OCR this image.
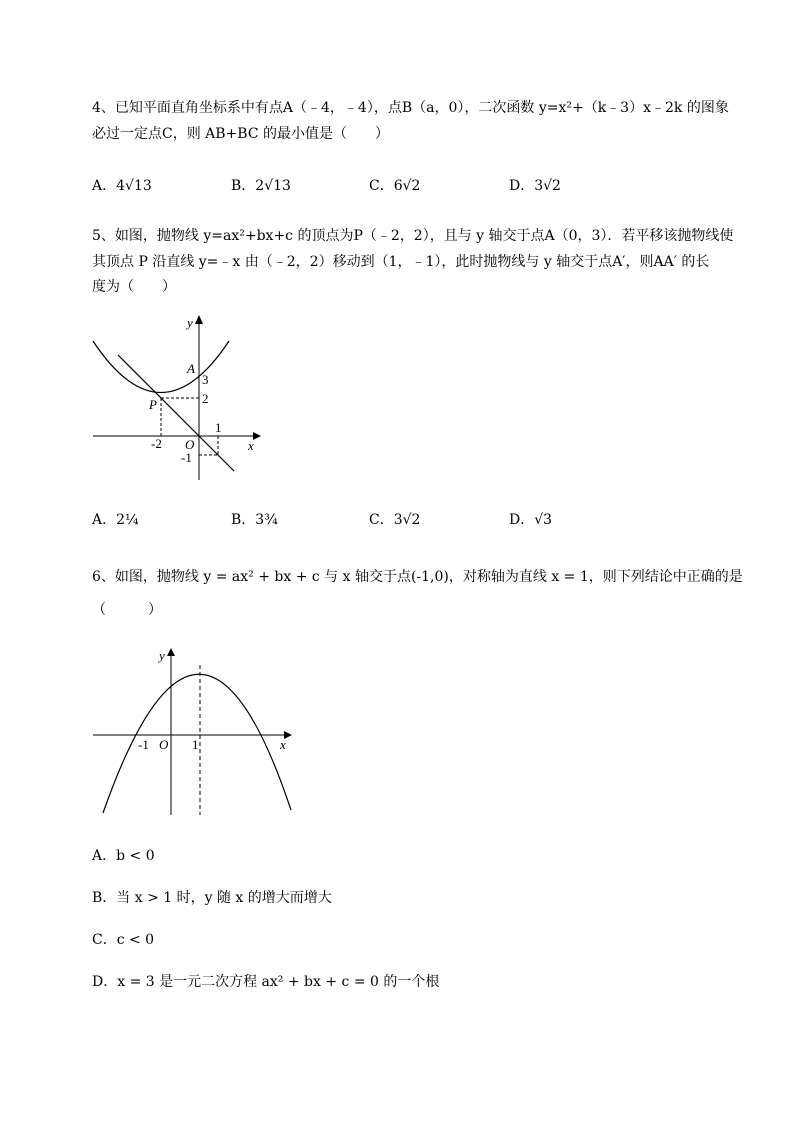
4、已知平面直角坐标系中有点A（﹣4，﹣4），点B（a，0），二次函数 y=x²+（k﹣3）x﹣2k 的图象
必过一定点C，则 AB+BC 的最小值是（　　）
A．4√13	B．2√13	C．6√2	D．3√2
5、如图，抛物线 y=ax²+bx+c 的顶点为P（﹣2，2），且与 y 轴交于点A（0，3）．若平移该抛物线使
其顶点 P 沿直线 y=﹣x 由（﹣2，2）移动到（1，﹣1），此时抛物线与 y 轴交于点A′，则AA′ 的长
度为（　　）
y
x
A
3
2
P
-2 O
1
-1
A．2¼	B．3¾	C．3√2	D．√3
6、如图，抛物线 y = ax² + bx + c 与 x 轴交于点(-1,0)，对称轴为直线 x = 1，则下列结论中正确的是
（　　　）
y
x
-1 O 1
A．b < 0
B．当 x > 1 时，y 随 x 的增大而增大
C．c < 0
D．x = 3 是一元二次方程 ax² + bx + c = 0 的一个根
